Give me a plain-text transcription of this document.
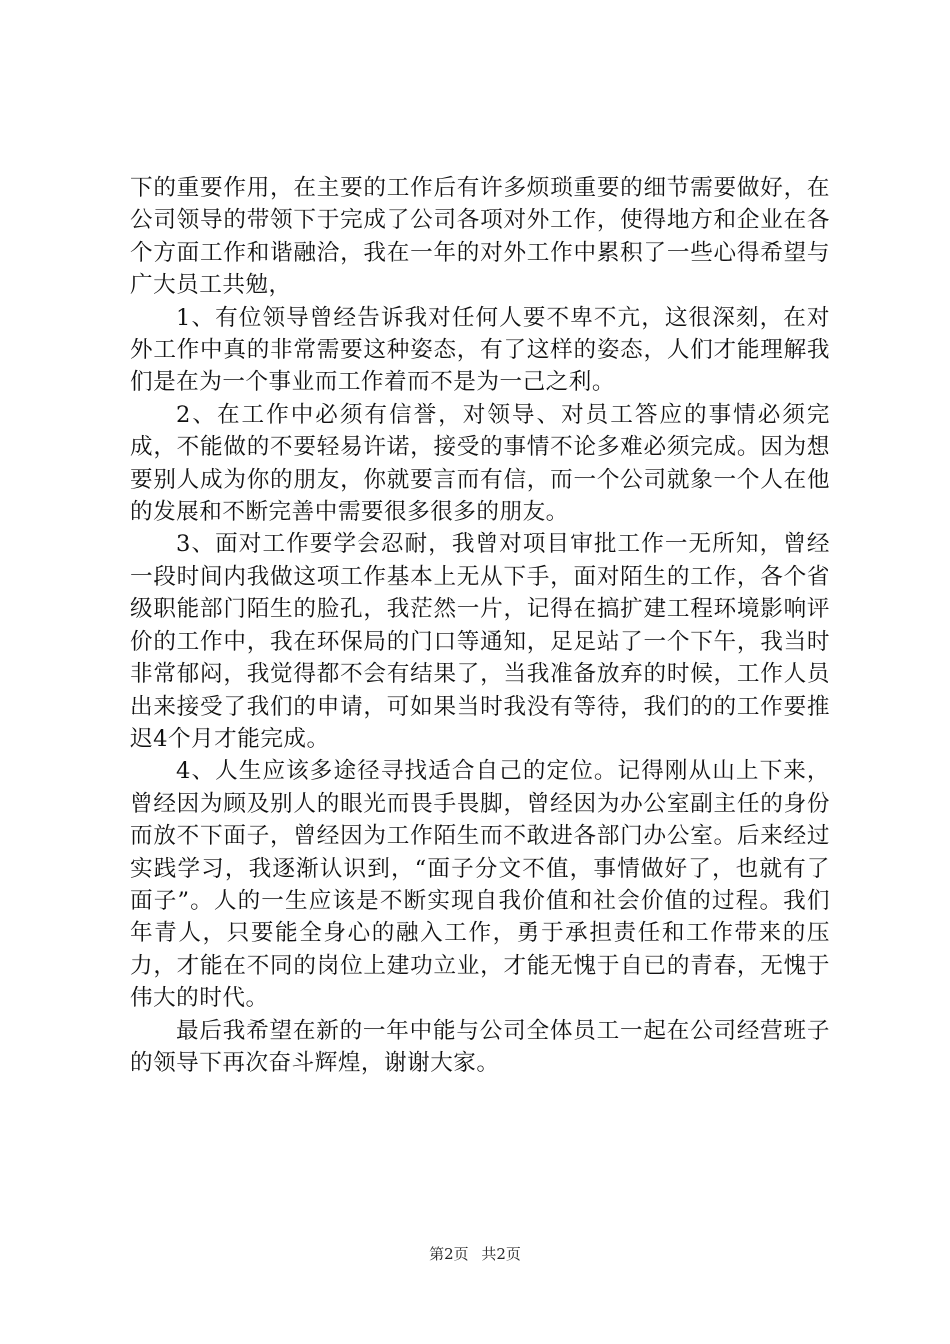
下的重要作用，在主要的工作后有许多烦琐重要的细节需要做好，在公司领导的带领下于完成了公司各项对外工作，使得地方和企业在各个方面工作和谐融洽，我在一年的对外工作中累积了一些心得希望与广大员工共勉，

1、有位领导曾经告诉我对任何人要不卑不亢，这很深刻，在对外工作中真的非常需要这种姿态，有了这样的姿态，人们才能理解我们是在为一个事业而工作着而不是为一己之利。

2、在工作中必须有信誉，对领导、对员工答应的事情必须完成，不能做的不要轻易许诺，接受的事情不论多难必须完成。因为想要别人成为你的朋友，你就要言而有信，而一个公司就象一个人在他的发展和不断完善中需要很多很多的朋友。

3、面对工作要学会忍耐，我曾对项目审批工作一无所知，曾经一段时间内我做这项工作基本上无从下手，面对陌生的工作，各个省级职能部门陌生的脸孔，我茫然一片，记得在搞扩建工程环境影响评价的工作中，我在环保局的门口等通知，足足站了一个下午，我当时非常郁闷，我觉得都不会有结果了，当我准备放弃的时候，工作人员出来接受了我们的申请，可如果当时我没有等待，我们的的工作要推迟4个月才能完成。

4、人生应该多途径寻找适合自己的定位。记得刚从山上下来，曾经因为顾及别人的眼光而畏手畏脚，曾经因为办公室副主任的身份而放不下面子，曾经因为工作陌生而不敢进各部门办公室。后来经过实践学习，我逐渐认识到，“面子分文不值，事情做好了，也就有了面子”。人的一生应该是不断实现自我价值和社会价值的过程。我们年青人，只要能全身心的融入工作，勇于承担责任和工作带来的压力，才能在不同的岗位上建功立业，才能无愧于自已的青春，无愧于伟大的时代。

最后我希望在新的一年中能与公司全体员工一起在公司经营班子的领导下再次奋斗辉煌，谢谢大家。

第2页 共2页
